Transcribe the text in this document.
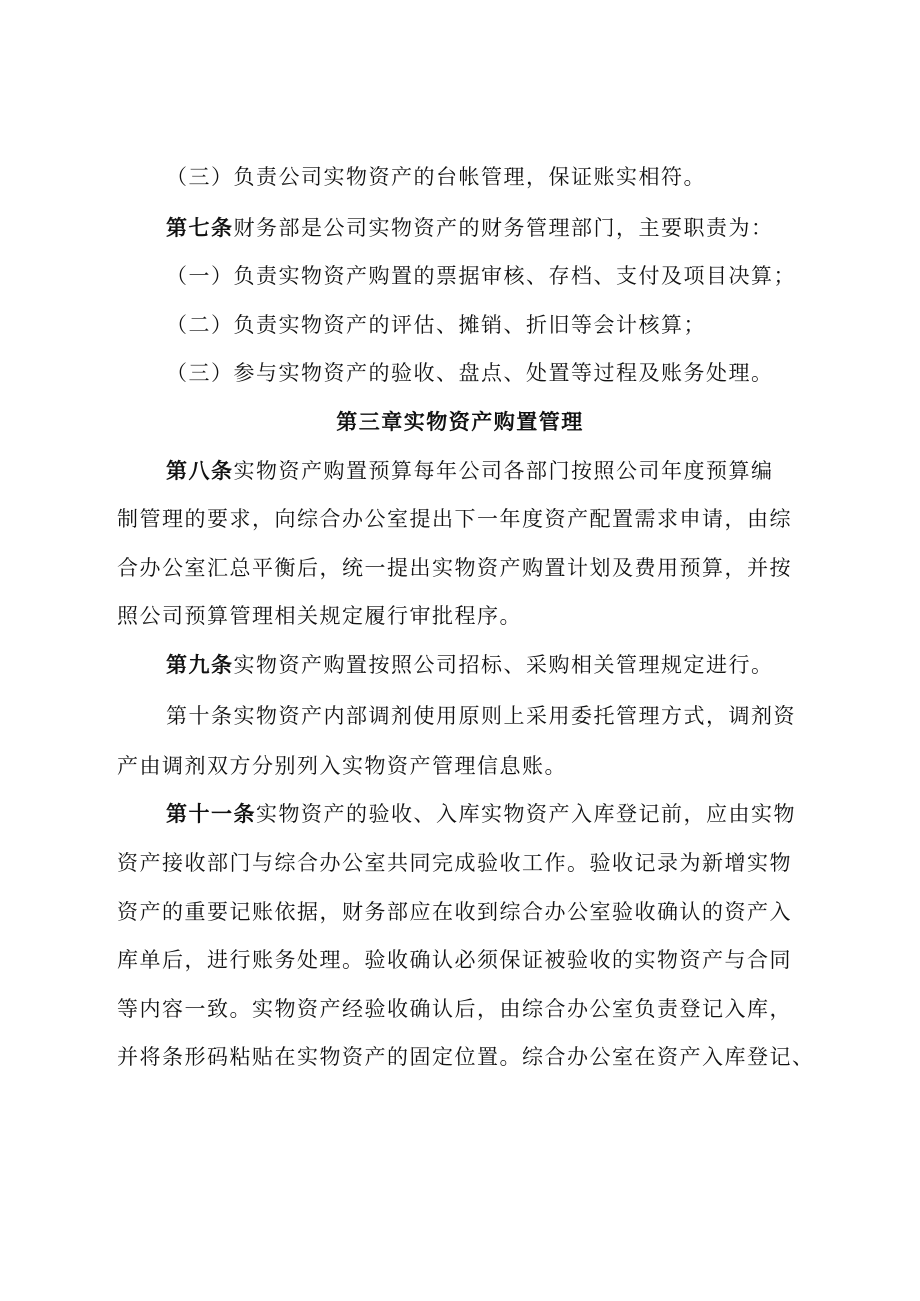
（三）负责公司实物资产的台帐管理，保证账实相符。
第七条财务部是公司实物资产的财务管理部门，主要职责为：
（一）负责实物资产购置的票据审核、存档、支付及项目决算；
（二）负责实物资产的评估、摊销、折旧等会计核算；
（三）参与实物资产的验收、盘点、处置等过程及账务处理。
第三章实物资产购置管理
第八条实物资产购置预算每年公司各部门按照公司年度预算编
制管理的要求，向综合办公室提出下一年度资产配置需求申请，由综
合办公室汇总平衡后，统一提出实物资产购置计划及费用预算，并按
照公司预算管理相关规定履行审批程序。
第九条实物资产购置按照公司招标、采购相关管理规定进行。
第十条实物资产内部调剂使用原则上采用委托管理方式，调剂资
产由调剂双方分别列入实物资产管理信息账。
第十一条实物资产的验收、入库实物资产入库登记前，应由实物
资产接收部门与综合办公室共同完成验收工作。验收记录为新增实物
资产的重要记账依据，财务部应在收到综合办公室验收确认的资产入
库单后，进行账务处理。验收确认必须保证被验收的实物资产与合同
等内容一致。实物资产经验收确认后，由综合办公室负责登记入库，
并将条形码粘贴在实物资产的固定位置。综合办公室在资产入库登记、
